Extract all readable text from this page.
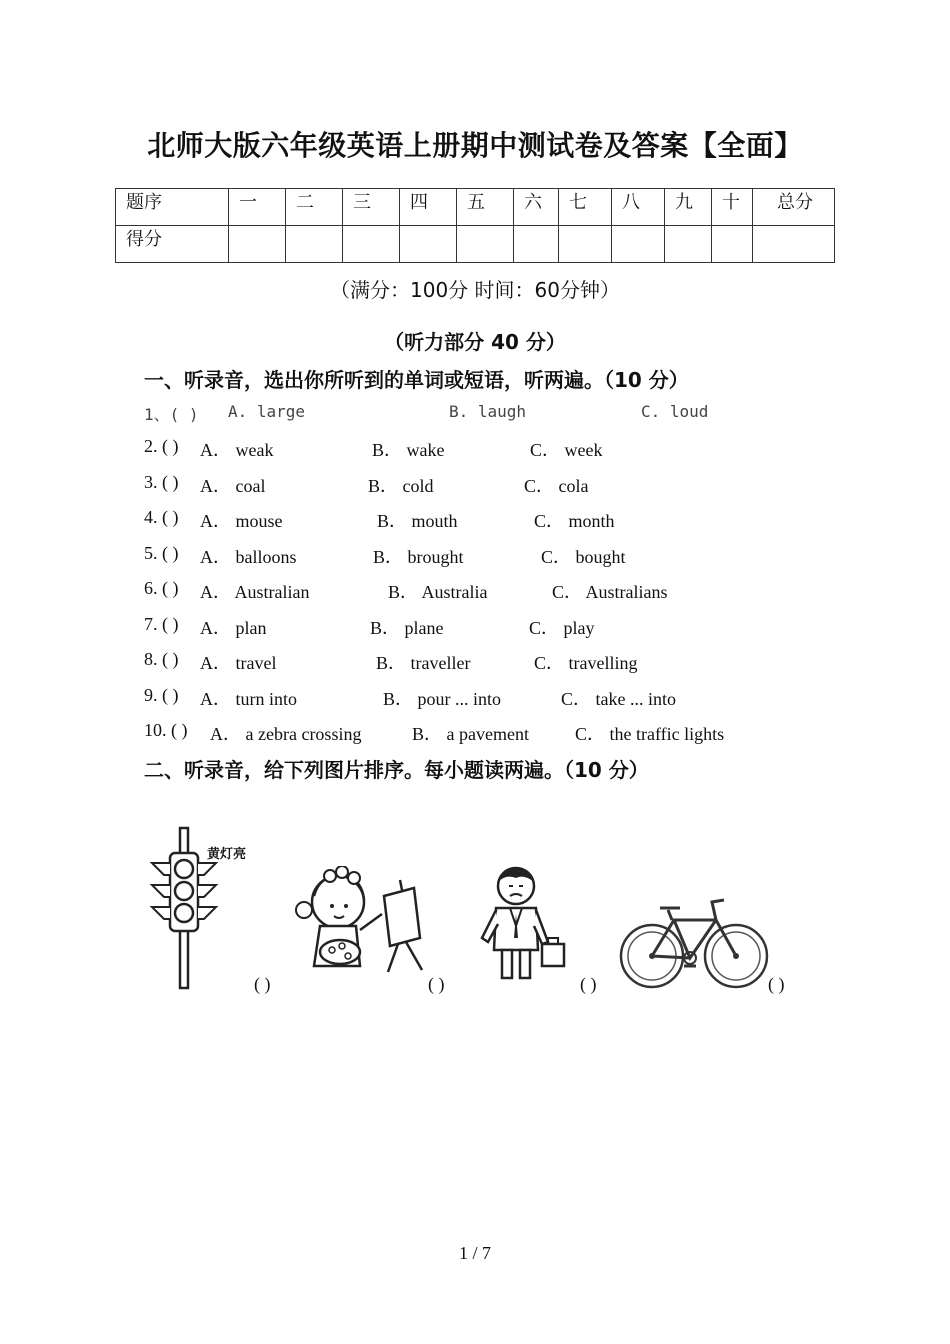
北师大版六年级英语上册期中测试卷及答案【全面】
题序	一	二	三	四	五	六	七	八	九	十	总分
得分											
（满分：100分 时间：60分钟）
（听力部分 40 分）
一、听录音，选出你所听到的单词或短语，听两遍。（10 分）
1、( ) A. large	B. laugh	C. loud
2. ( ) A． weak	B． wake	C． week
3. ( ) A． coal	B． cold	C． cola
4. ( ) A． mouse	B． mouth	C． month
5. ( ) A． balloons	B． brought	C． bought
6. ( ) A． Australian	B． Australia	C． Australians
7. ( ) A． plan	B． plane	C． play
8. ( ) A． travel	B． traveller	C． travelling
9. ( ) A． turn into	B． pour ... into	C． take ... into
10. ( ) A． a zebra crossing	B． a pavement	C． the traffic lights
二、听录音，给下列图片排序。每小题读两遍。（10 分）
黄灯亮
( )	( )	( )	( )
1 / 7
